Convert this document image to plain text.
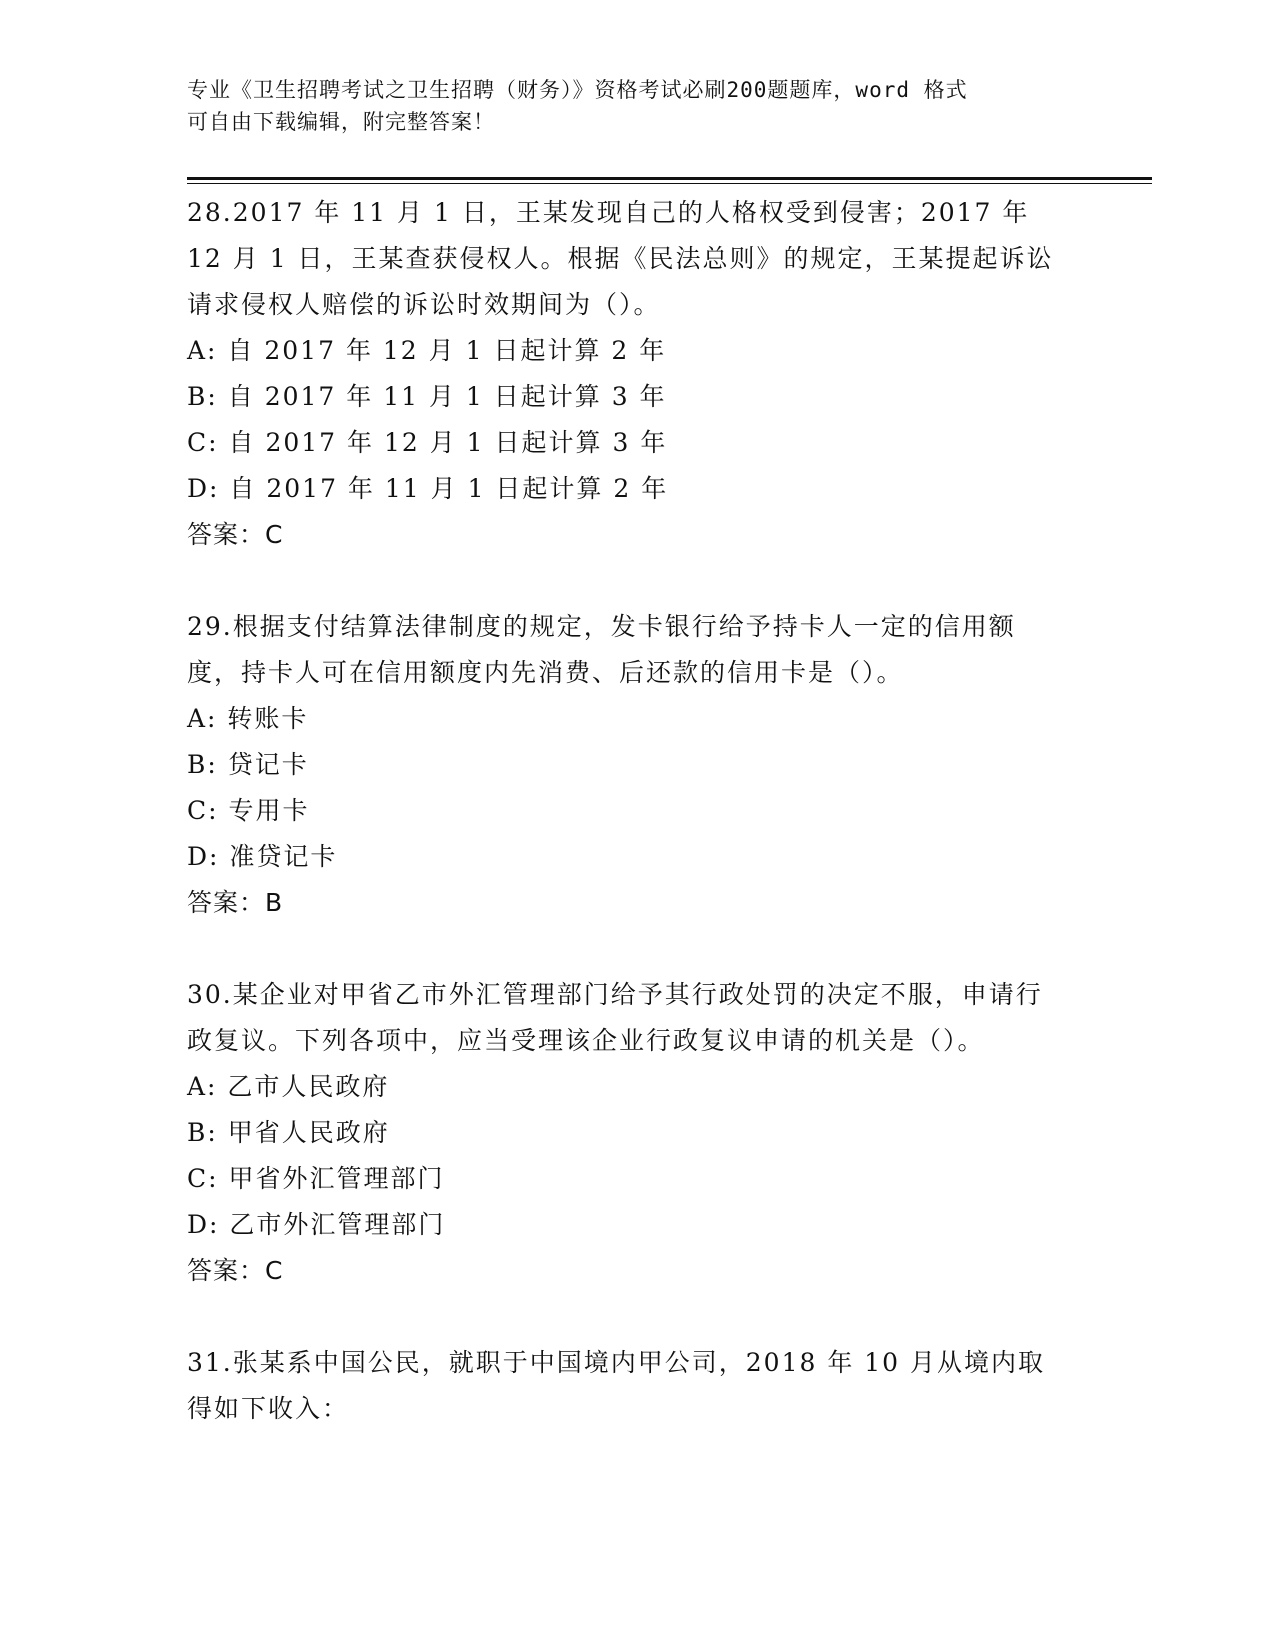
专业《卫生招聘考试之卫生招聘（财务）》资格考试必刷200题题库，word 格式
可自由下载编辑，附完整答案！

28.2017 年 11 月 1 日，王某发现自己的人格权受到侵害；2017 年 12 月 1 日，王某查获侵权人。根据《民法总则》的规定，王某提起诉讼请求侵权人赔偿的诉讼时效期间为（）。

A: 自 2017 年 12 月 1 日起计算 2 年

B: 自 2017 年 11 月 1 日起计算 3 年

C: 自 2017 年 12 月 1 日起计算 3 年

D: 自 2017 年 11 月 1 日起计算 2 年

答案：C

29.根据支付结算法律制度的规定，发卡银行给予持卡人一定的信用额度，持卡人可在信用额度内先消费、后还款的信用卡是（）。

A: 转账卡

B: 贷记卡

C: 专用卡

D: 准贷记卡

答案：B

30.某企业对甲省乙市外汇管理部门给予其行政处罚的决定不服，申请行政复议。下列各项中，应当受理该企业行政复议申请的机关是（）。

A: 乙市人民政府

B: 甲省人民政府

C: 甲省外汇管理部门

D: 乙市外汇管理部门

答案：C

31.张某系中国公民，就职于中国境内甲公司，2018 年 10 月从境内取得如下收入：
